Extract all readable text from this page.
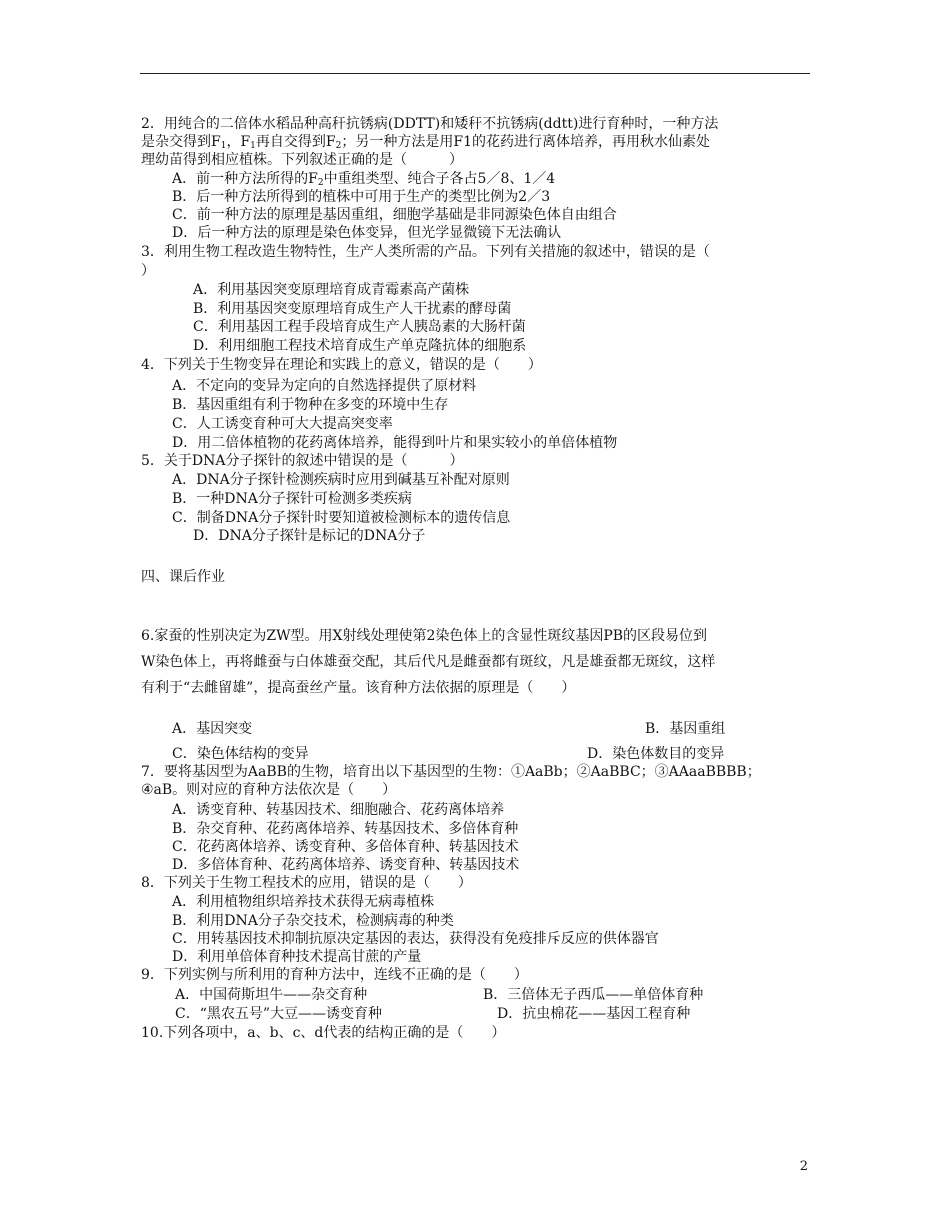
2．用纯合的二倍体水稻品种高秆抗锈病(DDTT)和矮秆不抗锈病(ddtt)进行育种时，一种方法
是杂交得到$F_1$，$F_1$再自交得到$F_2$；另一种方法是用F1的花药进行离体培养，再用秋水仙素处
理幼苗得到相应植株。下列叙述正确的是（　　　）
A．前一种方法所得的$F_2$中重组类型、纯合子各占5／8、1／4
B．后一种方法所得到的植株中可用于生产的类型比例为2／3
C．前一种方法的原理是基因重组，细胞学基础是非同源染色体自由组合
D．后一种方法的原理是染色体变异，但光学显微镜下无法确认
3．利用生物工程改造生物特性，生产人类所需的产品。下列有关措施的叙述中，错误的是（
）
A．利用基因突变原理培育成青霉素高产菌株
B．利用基因突变原理培育成生产人干扰素的酵母菌
C．利用基因工程手段培育成生产人胰岛素的大肠杆菌
D．利用细胞工程技术培育成生产单克隆抗体的细胞系
4．下列关于生物变异在理论和实践上的意义，错误的是（　　）
A．不定向的变异为定向的自然选择提供了原材料
B．基因重组有利于物种在多变的环境中生存
C．人工诱变育种可大大提高突变率
D．用二倍体植物的花药离体培养，能得到叶片和果实较小的单倍体植物
5．关于DNA分子探针的叙述中错误的是（　　　）
A．DNA分子探针检测疾病时应用到碱基互补配对原则
B．一种DNA分子探针可检测多类疾病
C．制备DNA分子探针时要知道被检测标本的遗传信息
D．DNA分子探针是标记的DNA分子
四、课后作业
6.家蚕的性别决定为ZW型。用X射线处理使第2染色体上的含显性斑纹基因PB的区段易位到
W染色体上，再将雌蚕与白体雄蚕交配，其后代凡是雌蚕都有斑纹，凡是雄蚕都无斑纹，这样
有利于“去雌留雄”，提高蚕丝产量。该育种方法依据的原理是（　　）
A．基因突变	B．基因重组
C．染色体结构的变异	D．染色体数目的变异
7．要将基因型为AaBB的生物，培育出以下基因型的生物：①AaBb；②AaBBC；③AAaaBBBB；
④aB。则对应的育种方法依次是（　　）
A．诱变育种、转基因技术、细胞融合、花药离体培养
B．杂交育种、花药离体培养、转基因技术、多倍体育种
C．花药离体培养、诱变育种、多倍体育种、转基因技术
D．多倍体育种、花药离体培养、诱变育种、转基因技术
8．下列关于生物工程技术的应用，错误的是（　　）
A．利用植物组织培养技术获得无病毒植株
B．利用DNA分子杂交技术，检测病毒的种类
C．用转基因技术抑制抗原决定基因的表达，获得没有免疫排斥反应的供体器官
D．利用单倍体育种技术提高甘蔗的产量
9．下列实例与所利用的育种方法中，连线不正确的是（　　）
A．中国荷斯坦牛——杂交育种	B．三倍体无子西瓜——单倍体育种
C．“黑农五号”大豆——诱变育种	D．抗虫棉花——基因工程育种
10.下列各项中，a、b、c、d代表的结构正确的是（　　）
2
